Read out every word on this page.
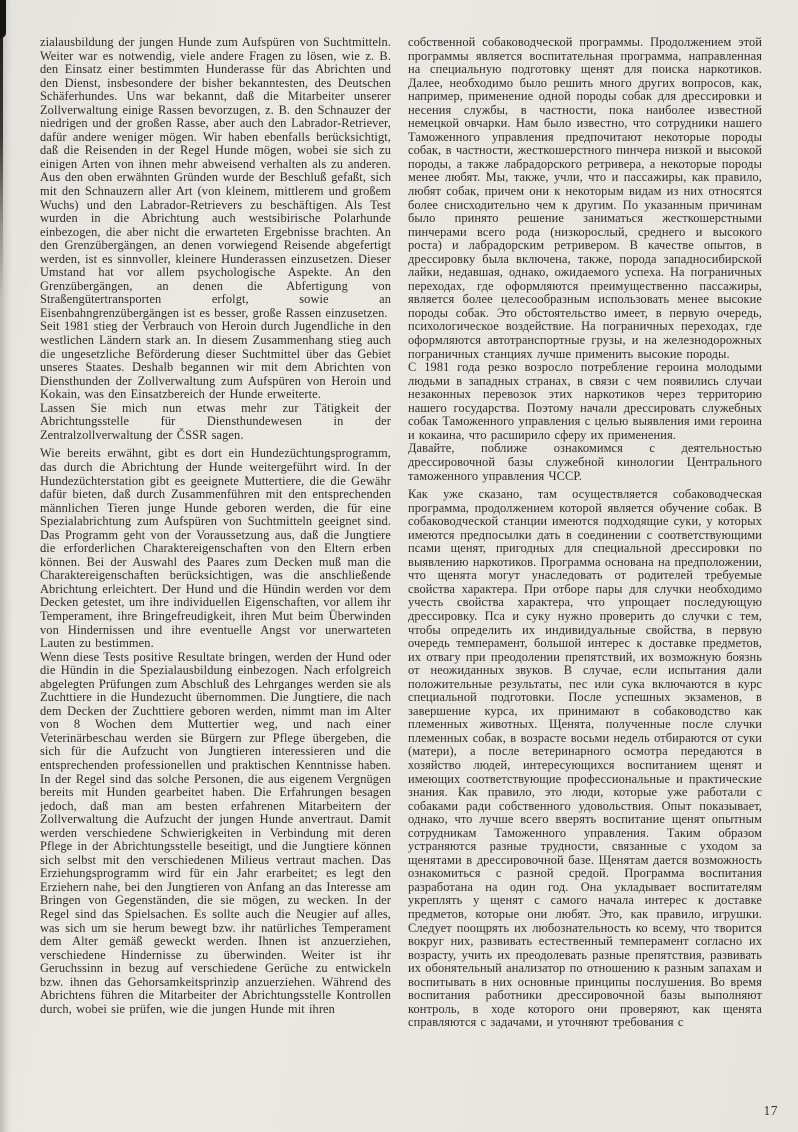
zialausbildung der jungen Hunde zum Aufspüren von Suchtmitteln. Weiter war es notwendig, viele andere Fragen zu lösen, wie z. B. den Einsatz einer bestimmten Hunderasse für das Abrichten und den Dienst, insbesondere der bisher bekanntesten, des Deutschen Schäferhundes. Uns war bekannt, daß die Mitarbeiter unserer Zollverwaltung einige Rassen bevorzugen, z. B. den Schnauzer der niedrigen und der großen Rasse, aber auch den Labrador-Retriever, dafür andere weniger mögen. Wir haben ebenfalls berücksichtigt, daß die Reisenden in der Regel Hunde mögen, wobei sie sich zu einigen Arten von ihnen mehr abweisend verhalten als zu anderen. Aus den oben erwähnten Gründen wurde der Beschluß gefaßt, sich mit den Schnauzern aller Art (von kleinem, mittlerem und großem Wuchs) und den Labrador-Retrievers zu beschäftigen. Als Test wurden in die Abrichtung auch westsibirische Polarhunde einbezogen, die aber nicht die erwarteten Ergebnisse brachten. An den Grenzübergängen, an denen vorwiegend Reisende abgefertigt werden, ist es sinnvoller, kleinere Hunderassen einzusetzen. Dieser Umstand hat vor allem psychologische Aspekte. An den Grenzübergängen, an denen die Abfertigung von Straßengütertransporten erfolgt, sowie an Eisenbahngrenzübergängen ist es besser, große Rassen einzusetzen.

Seit 1981 stieg der Verbrauch von Heroin durch Jugendliche in den westlichen Ländern stark an. In diesem Zusammenhang stieg auch die ungesetzliche Beförderung dieser Suchtmittel über das Gebiet unseres Staates. Deshalb begannen wir mit dem Abrichten von Diensthunden der Zollverwaltung zum Aufspüren von Heroin und Kokain, was den Einsatzbereich der Hunde erweiterte.

Lassen Sie mich nun etwas mehr zur Tätigkeit der Abrichtungsstelle für Diensthundewesen in der Zentralzollverwaltung der ČSSR sagen.

Wie bereits erwähnt, gibt es dort ein Hundezüchtungsprogramm, das durch die Abrichtung der Hunde weitergeführt wird. In der Hundezüchterstation gibt es geeignete Muttertiere, die die Gewähr dafür bieten, daß durch Zusammenführen mit den entsprechenden männlichen Tieren junge Hunde geboren werden, die für eine Spezialabrichtung zum Aufspüren von Suchtmitteln geeignet sind. Das Programm geht von der Voraussetzung aus, daß die Jungtiere die erforderlichen Charaktereigenschaften von den Eltern erben können. Bei der Auswahl des Paares zum Decken muß man die Charaktereigenschaften berücksichtigen, was die anschließende Abrichtung erleichtert. Der Hund und die Hündin werden vor dem Decken getestet, um ihre individuellen Eigenschaften, vor allem ihr Temperament, ihre Bringefreudigkeit, ihren Mut beim Überwinden von Hindernissen und ihre eventuelle Angst vor unerwarteten Lauten zu bestimmen.

Wenn diese Tests positive Resultate bringen, werden der Hund oder die Hündin in die Spezialausbildung einbezogen. Nach erfolgreich abgelegten Prüfungen zum Abschluß des Lehrganges werden sie als Zuchttiere in die Hundezucht übernommen. Die Jungtiere, die nach dem Decken der Zuchttiere geboren werden, nimmt man im Alter von 8 Wochen dem Muttertier weg, und nach einer Veterinärbeschau werden sie Bürgern zur Pflege übergeben, die sich für die Aufzucht von Jungtieren interessieren und die entsprechenden professionellen und praktischen Kenntnisse haben. In der Regel sind das solche Personen, die aus eigenem Vergnügen bereits mit Hunden gearbeitet haben. Die Erfahrungen besagen jedoch, daß man am besten erfahrenen Mitarbeitern der Zollverwaltung die Aufzucht der jungen Hunde anvertraut. Damit werden verschiedene Schwierigkeiten in Verbindung mit deren Pflege in der Abrichtungsstelle beseitigt, und die Jungtiere können sich selbst mit den verschiedenen Milieus vertraut machen. Das Erziehungsprogramm wird für ein Jahr erarbeitet; es legt den Erziehern nahe, bei den Jungtieren von Anfang an das Interesse am Bringen von Gegenständen, die sie mögen, zu wecken. In der Regel sind das Spielsachen. Es sollte auch die Neugier auf alles, was sich um sie herum bewegt bzw. ihr natürliches Temperament dem Alter gemäß geweckt werden. Ihnen ist anzuerziehen, verschiedene Hindernisse zu überwinden. Weiter ist ihr Geruchssinn in bezug auf verschiedene Gerüche zu entwickeln bzw. ihnen das Gehorsamkeitsprinzip anzuerziehen. Während des Abrichtens führen die Mitarbeiter der Abrichtungsstelle Kontrollen durch, wobei sie prüfen, wie die jungen Hunde mit ihren

собственной собаководческой программы. Продолжением этой программы является воспитательная программа, направленная на специальную подготовку щенят для поиска наркотиков. Далее, необходимо было решить много других вопросов, как, например, применение одной породы собак для дрессировки и несения службы, в частности, пока наиболее известной немецкой овчарки. Нам было известно, что сотрудники нашего Таможенного управления предпочитают некоторые породы собак, в частности, жесткошерстного пинчера низкой и высокой породы, а также лабрадорского ретривера, а некоторые породы менее любят. Мы, также, учли, что и пассажиры, как правило, любят собак, причем они к некоторым видам из них относятся более снисходительно чем к другим. По указанным причинам было принято решение заниматься жесткошерстными пинчерами всего рода (низкорослый, среднего и высокого роста) и лабрадорским ретривером. В качестве опытов, в дрессировку была включена, также, порода западносибирской лайки, недавшая, однако, ожидаемого успеха. На пограничных переходах, где оформляются преимущественно пассажиры, является более целесообразным использовать менее высокие породы собак. Это обстоятельство имеет, в первую очередь, психологическое воздействие. На пограничных переходах, где оформляются автотранспортные грузы, и на железнодорожных пограничных станциях лучше применить высокие породы.

С 1981 года резко возросло потребление героина молодыми людьми в западных странах, в связи с чем появились случаи незаконных перевозок этих наркотиков через территорию нашего государства. Поэтому начали дрессировать служебных собак Таможенного управления с целью выявления ими героина и кокаина, что расширило сферу их применения.

Давайте, поближе ознакомимся с деятельностью дрессировочной базы служебной кинологии Центрального таможенного управления ЧССР.

Как уже сказано, там осуществляется собаководческая программа, продолжением которой является обучение собак. В собаководческой станции имеются подходящие суки, у которых имеются предпосылки дать в соединении с соответствующими псами щенят, пригодных для специальной дрессировки по выявлению наркотиков. Программа основана на предположении, что щенята могут унаследовать от родителей требуемые свойства характера. При отборе пары для случки необходимо учесть свойства характера, что упрощает последующую дрессировку. Пса и суку нужно проверить до случки с тем, чтобы определить их индивидуальные свойства, в первую очередь темперамент, большой интерес к доставке предметов, их отвагу при преодолении препятствий, их возможную боязнь от неожиданных звуков. В случае, если испытания дали положительные результаты, пес или сука включаются в курс специальной подготовки. После успешных экзаменов, в завершение курса, их принимают в собаководство как племенных животных. Щенята, полученные после случки племенных собак, в возрасте восьми недель отбираются от суки (матери), а после ветеринарного осмотра передаются в хозяйство людей, интересующихся воспитанием щенят и имеющих соответствующие профессиональные и практические знания. Как правило, это люди, которые уже работали с собаками ради собственного удовольствия. Опыт показывает, однако, что лучше всего вверять воспитание щенят опытным сотрудникам Таможенного управления. Таким образом устраняются разные трудности, связанные с уходом за щенятами в дрессировочной базе. Щенятам дается возможность ознакомиться с разной средой. Программа воспитания разработана на один год. Она укладывает воспитателям укреплять у щенят с самого начала интерес к доставке предметов, которые они любят. Это, как правило, игрушки. Следует поощрять их любознательность ко всему, что творится вокруг них, развивать естественный темперамент согласно их возрасту, учить их преодолевать разные препятствия, развивать их обонятельный анализатор по отношению к разным запахам и воспитывать в них основные принципы послушения. Во время воспитания работники дрессировочной базы выполняют контроль, в ходе которого они проверяют, как щенята справляются с задачами, и уточняют требования с

17
